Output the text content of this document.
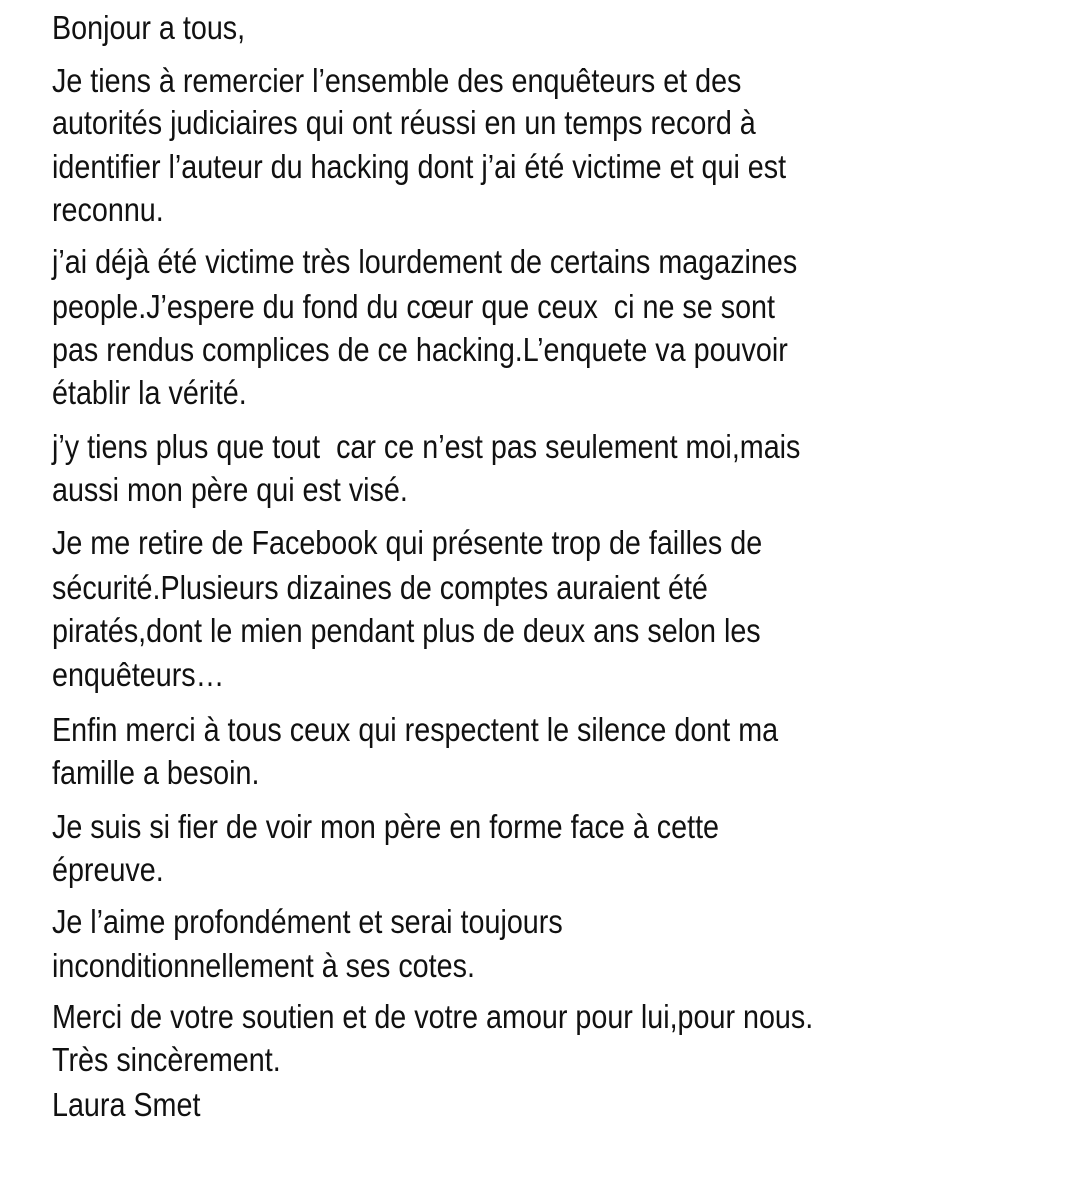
Bonjour a tous,
Je tiens à remercier l’ensemble des enquêteurs et des
autorités judiciaires qui ont réussi en un temps record à
identifier l’auteur du hacking dont j’ai été victime et qui est
reconnu.
j’ai déjà été victime très lourdement de certains magazines
people.J’espere du fond du cœur que ceux  ci ne se sont
pas rendus complices de ce hacking.L’enquete va pouvoir
établir la vérité.
j’y tiens plus que tout  car ce n’est pas seulement moi,mais
aussi mon père qui est visé.
Je me retire de Facebook qui présente trop de failles de
sécurité.Plusieurs dizaines de comptes auraient été
piratés,dont le mien pendant plus de deux ans selon les
enquêteurs…
Enfin merci à tous ceux qui respectent le silence dont ma
famille a besoin.
Je suis si fier de voir mon père en forme face à cette
épreuve.
Je l’aime profondément et serai toujours
inconditionnellement à ses cotes.
Merci de votre soutien et de votre amour pour lui,pour nous.
Très sincèrement.
Laura Smet
